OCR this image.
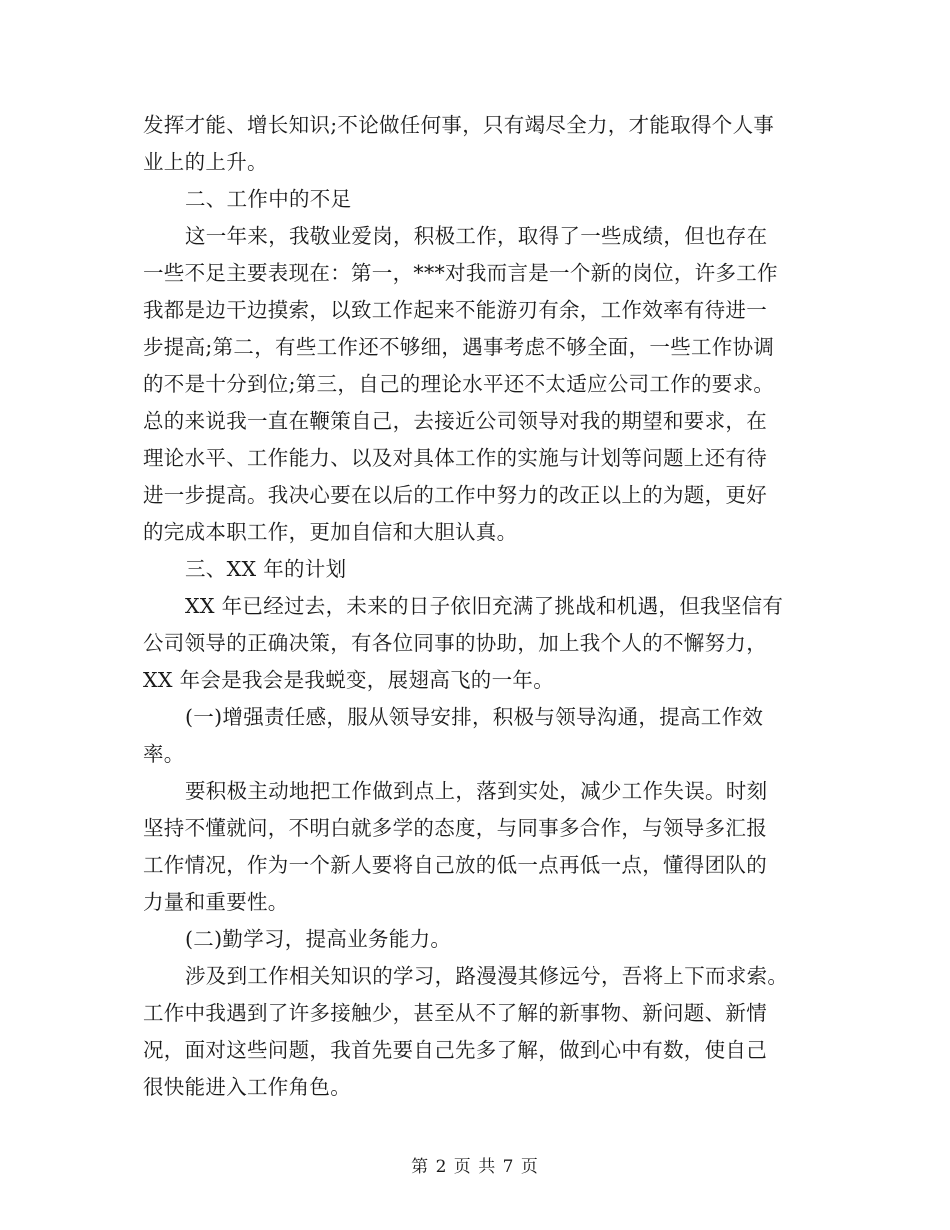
发挥才能、增长知识;不论做任何事，只有竭尽全力，才能取得个人事
业上的上升。
二、工作中的不足
这一年来，我敬业爱岗，积极工作，取得了一些成绩，但也存在
一些不足主要表现在：第一，***对我而言是一个新的岗位，许多工作
我都是边干边摸索，以致工作起来不能游刃有余，工作效率有待进一
步提高;第二，有些工作还不够细，遇事考虑不够全面，一些工作协调
的不是十分到位;第三，自己的理论水平还不太适应公司工作的要求。
总的来说我一直在鞭策自己，去接近公司领导对我的期望和要求，在
理论水平、工作能力、以及对具体工作的实施与计划等问题上还有待
进一步提高。我决心要在以后的工作中努力的改正以上的为题，更好
的完成本职工作，更加自信和大胆认真。
三、XX 年的计划
XX 年已经过去，未来的日子依旧充满了挑战和机遇，但我坚信有
公司领导的正确决策，有各位同事的协助，加上我个人的不懈努力，
XX 年会是我会是我蜕变，展翅高飞的一年。
(一)增强责任感，服从领导安排，积极与领导沟通，提高工作效
率。
要积极主动地把工作做到点上，落到实处，减少工作失误。时刻
坚持不懂就问，不明白就多学的态度，与同事多合作，与领导多汇报
工作情况，作为一个新人要将自己放的低一点再低一点，懂得团队的
力量和重要性。
(二)勤学习，提高业务能力。
涉及到工作相关知识的学习，路漫漫其修远兮，吾将上下而求索。
工作中我遇到了许多接触少，甚至从不了解的新事物、新问题、新情
况，面对这些问题，我首先要自己先多了解，做到心中有数，使自己
很快能进入工作角色。
第 2 页 共 7 页
